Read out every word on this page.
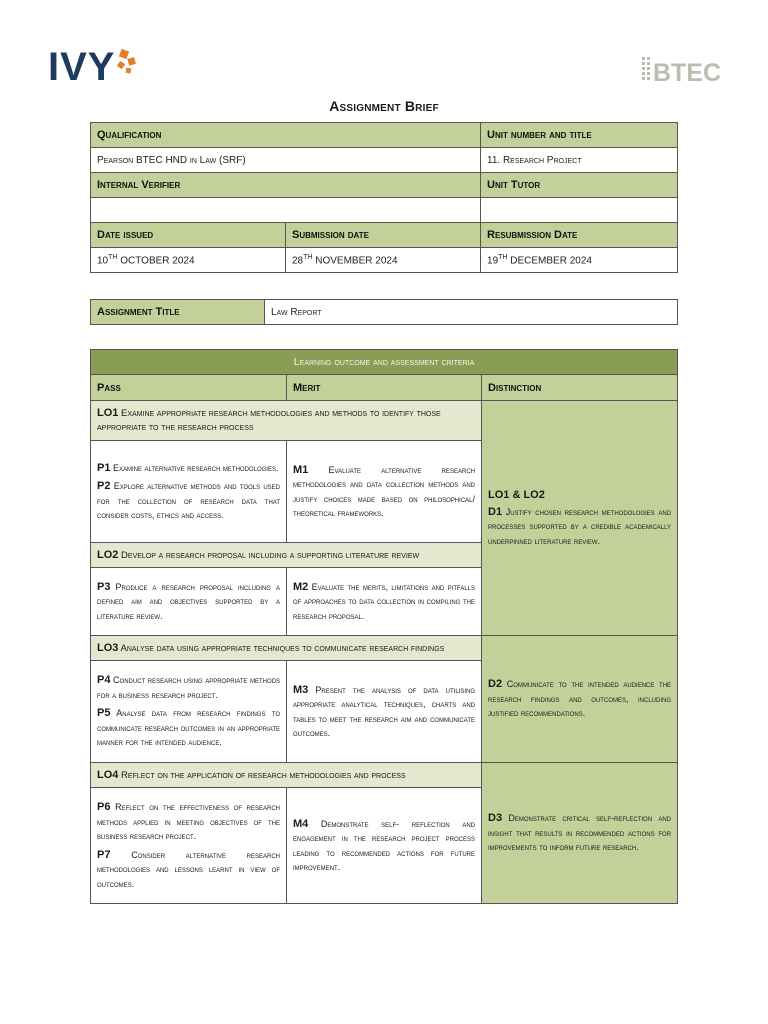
IVY	BTEC
Assignment Brief
Qualification		Unit number and title
Pearson BTEC HND in Law (SRF)		11. Research Project
Internal Verifier		Unit Tutor

Date issued	Submission date	Resubmission Date
10TH OCTOBER 2024	28TH NOVEMBER 2024	19TH DECEMBER 2024
Assignment Title	Law Report
Learning outcome and assessment criteria		
Pass	Merit	Distinction
LO1 Examine appropriate research methodologies and methods to identify those appropriate to the research process		LO1 & LO2
D1 Justify chosen research methodologies and processes supported by a credible academically underpinned literature review.

P1 Examine alternative research methodologies.

P2 Explore alternative methods and tools used for the collection of research data that consider costs, ethics and access.	M1 Evaluate alternative research methodologies and data collection methods and justify choices made based on philosophical/ theoretical frameworks.	
LO2 Develop a research proposal including a supporting literature review		
P3 Produce a research proposal including a defined aim and objectives supported by a literature review.	M2 Evaluate the merits, limitations and pitfalls of approaches to data collection in compiling the research proposal.	
LO3 Analyse data using appropriate techniques to communicate research findings		D2 Communicate to the intended audience the research findings and outcomes, including justified recommendations.

P4 Conduct research using appropriate methods for a business research project.

P5 Analyse data from research findings to communicate research outcomes in an appropriate manner for the intended audience.	M3 Present the analysis of data utilising appropriate analytical techniques, charts and tables to meet the research aim and communicate outcomes.	
LO4 Reflect on the application of research methodologies and process		D3 Demonstrate critical self-reflection and insight that results in recommended actions for improvements to inform future research.

P6 Reflect on the effectiveness of research methods applied in meeting objectives of the business research project.

P7 Consider alternative research methodologies and lessons learnt in view of outcomes.	M4 Demonstrate self- reflection and engagement in the research project process leading to recommended actions for future improvement.	
